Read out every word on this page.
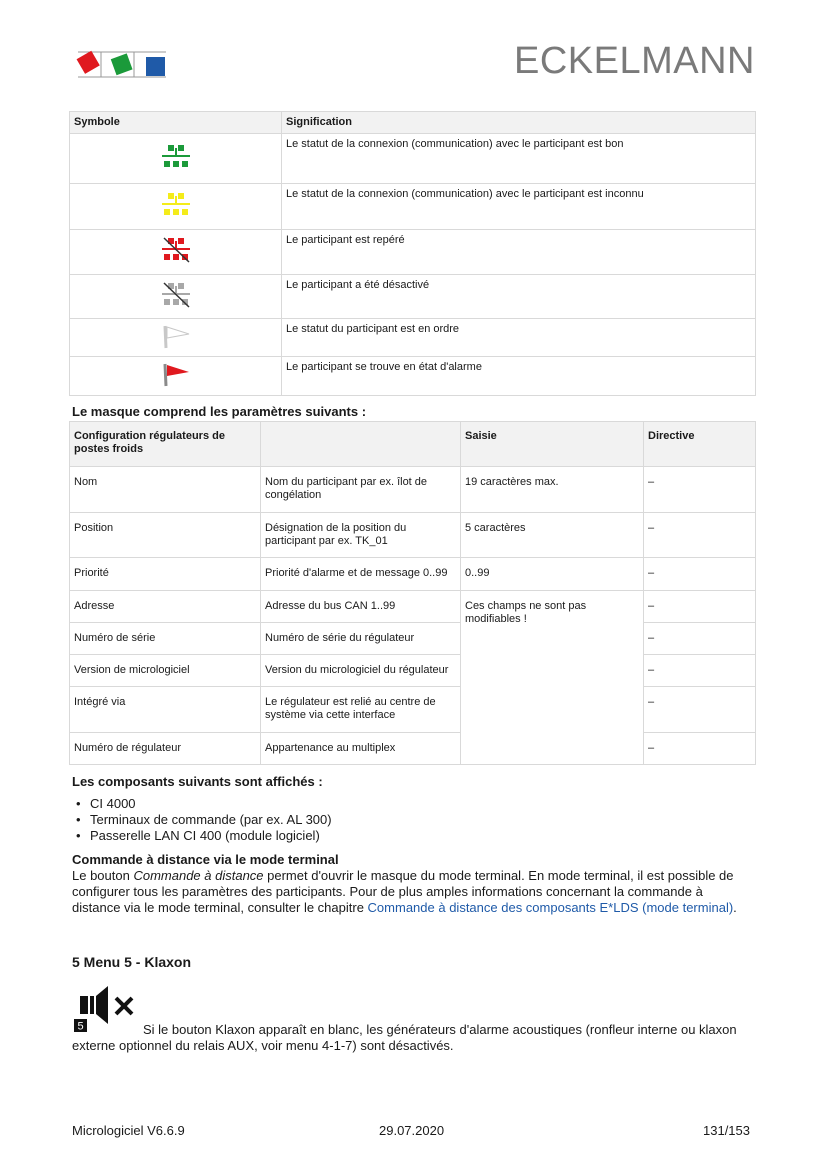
ECKELMANN
Symbole	Signification
	Le statut de la connexion (communication) avec le participant est bon
	Le statut de la connexion (communication) avec le participant est inconnu
	Le participant est repéré
	Le participant a été désactivé
	Le statut du participant est en ordre
	Le participant se trouve en état d'alarme
Le masque comprend les paramètres suivants :
Configuration régulateurs de postes froids		Saisie	Directive
Nom	Nom du participant par ex. îlot de congélation	19 caractères max.	–
Position	Désignation de la position du participant par ex. TK_01	5 caractères	–
Priorité	Priorité d'alarme et de message 0..99	0..99	–
Adresse	Adresse du bus CAN 1..99	Ces champs ne sont pas modifiables !	–
Numéro de série	Numéro de série du régulateur		–
Version de micrologiciel	Version du micrologiciel du régulateur		–
Intégré via	Le régulateur est relié au centre de système via cette interface		–
Numéro de régulateur	Appartenance au multiplex		–
Les composants suivants sont affichés :
• CI 4000
• Terminaux de commande (par ex. AL 300)
• Passerelle LAN CI 400 (module logiciel)
Commande à distance via le mode terminal
Le bouton Commande à distance permet d'ouvrir le masque du mode terminal. En mode terminal, il est possible de configurer tous les paramètres des participants. Pour de plus amples informations concernant la commande à distance via le mode terminal, consulter le chapitre Commande à distance des composants E*LDS (mode terminal).
5 Menu 5 - Klaxon
5	Si le bouton Klaxon apparaît en blanc, les générateurs d'alarme acoustiques (ronfleur interne ou klaxon externe optionnel du relais AUX, voir menu 4-1-7) sont désactivés.
Micrologiciel V6.6.9	29.07.2020	131/153
